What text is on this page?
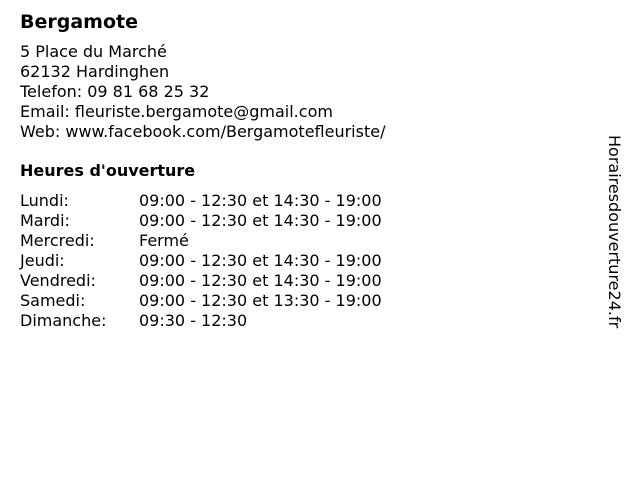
Bergamote
5 Place du Marché
62132 Hardinghen
Telefon: 09 81 68 25 32
Email: fleuriste.bergamote@gmail.com
Web: www.facebook.com/Bergamotefleuriste/
Heures d'ouverture
Lundi:	09:00 - 12:30 et 14:30 - 19:00
Mardi:	09:00 - 12:30 et 14:30 - 19:00
Mercredi:	Fermé
Jeudi:	09:00 - 12:30 et 14:30 - 19:00
Vendredi:	09:00 - 12:30 et 14:30 - 19:00
Samedi:	09:00 - 12:30 et 13:30 - 19:00
Dimanche:	09:30 - 12:30	Horairesdouverture24.fr
